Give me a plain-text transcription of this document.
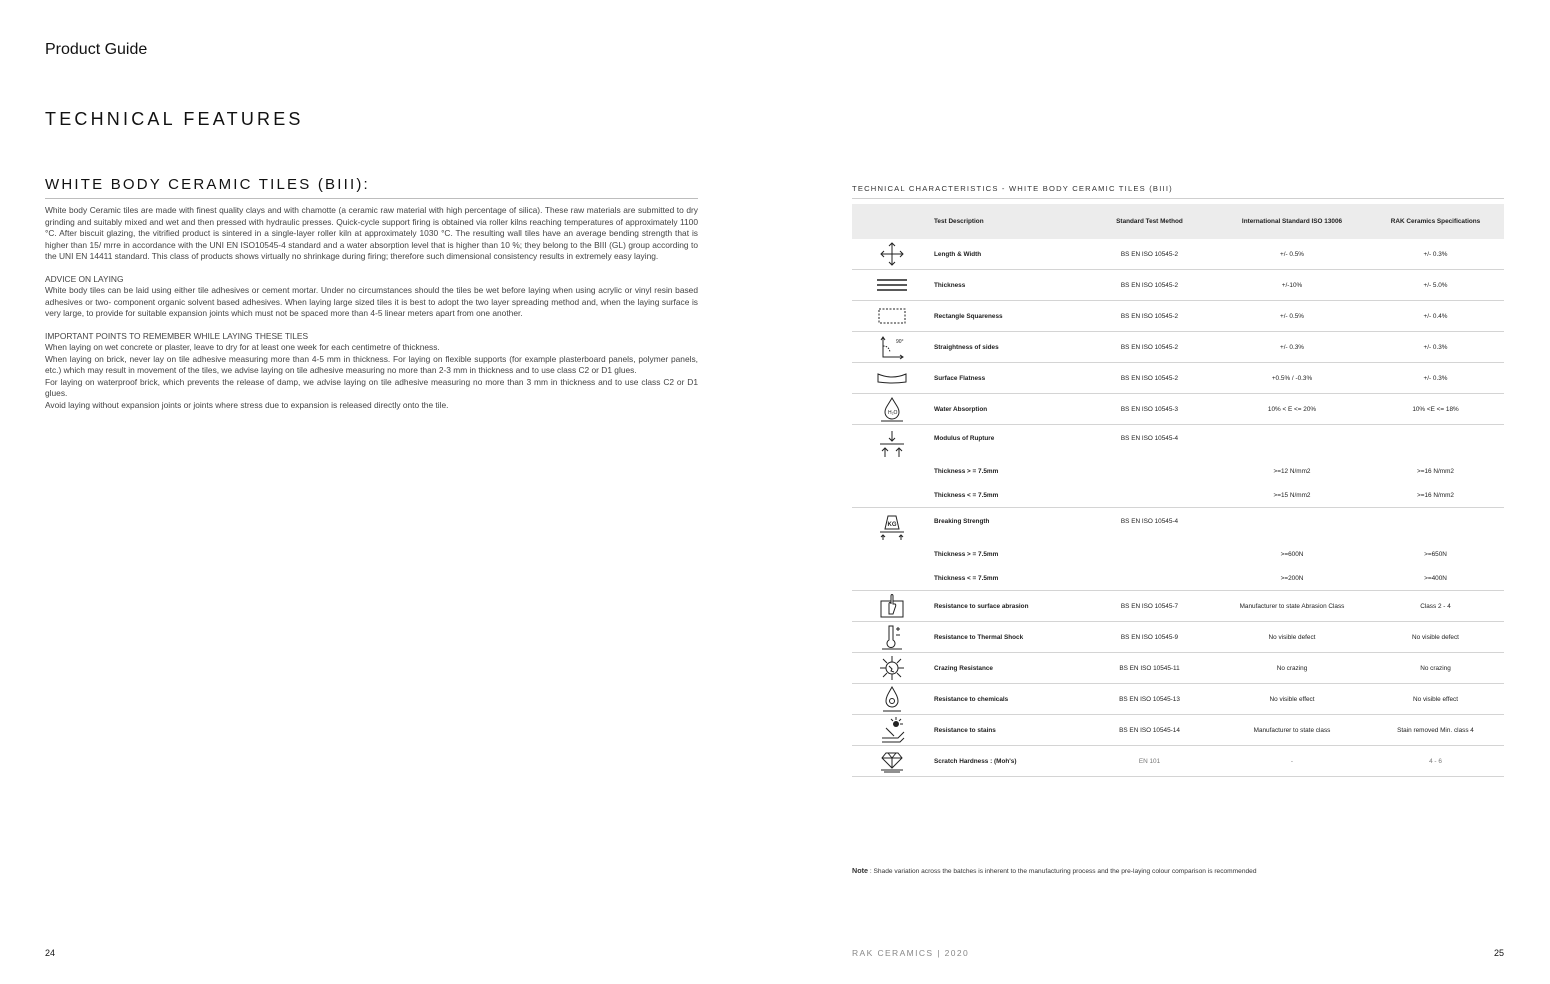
Product Guide
TECHNICAL FEATURES
WHITE BODY CERAMIC TILES (BIII):

White body Ceramic tiles are made with finest quality clays and with chamotte (a ceramic raw material with high percentage of silica). These raw materials are submitted to dry grinding and suitably mixed and wet and then pressed with hydraulic presses. Quick-cycle support firing is obtained via roller kilns reaching temperatures of approximately 1100 °C. After biscuit glazing, the vitrified product is sintered in a single-layer roller kiln at approximately 1030 °C. The resulting wall tiles have an average bending strength that is higher than 15/ mrre in accordance with the UNI EN ISO10545-4 standard and a water absorption level that is higher than 10 %; they belong to the BIII (GL) group according to the UNI EN 14411 standard. This class of products shows virtually no shrinkage during firing; therefore such dimensional consistency results in extremely easy laying.

ADVICE ON LAYING

White body tiles can be laid using either tile adhesives or cement mortar. Under no circumstances should the tiles be wet before laying when using acrylic or vinyl resin based adhesives or two- component organic solvent based adhesives. When laying large sized tiles it is best to adopt the two layer spreading method and, when the laying surface is very large, to provide for suitable expansion joints which must not be spaced more than 4-5 linear meters apart from one another.

IMPORTANT POINTS TO REMEMBER WHILE LAYING THESE TILES

When laying on wet concrete or plaster, leave to dry for at least one week for each centimetre of thickness.

When laying on brick, never lay on tile adhesive measuring more than 4-5 mm in thickness. For laying on flexible supports (for example plasterboard panels, polymer panels, etc.) which may result in movement of the tiles, we advise laying on tile adhesive measuring no more than 2-3 mm in thickness and to use class C2 or D1 glues.

For laying on waterproof brick, which prevents the release of damp, we advise laying on tile adhesive measuring no more than 3 mm in thickness and to use class C2 or D1 glues.

Avoid laying without expansion joints or joints where stress due to expansion is released directly onto the tile.

TECHNICAL CHARACTERISTICS - WHITE BODY CERAMIC TILES (BIII)
	Test Description	Standard Test Method	International Standard ISO 13006	RAK Ceramics Specifications

	Length & Width	BS EN ISO 10545-2	+/- 0.5%	+/- 0.3%

	Thickness	BS EN ISO 10545-2	+/-10%	+/- 5.0%

	Rectangle Squareness	BS EN ISO 10545-2	+/- 0.5%	+/- 0.4%

90°	Straightness of sides	BS EN ISO 10545-2	+/- 0.3%	+/- 0.3%

	Surface Flatness	BS EN ISO 10545-2	+0.5% / -0.3%	+/- 0.3%

H₂O	Water Absorption	BS EN ISO 10545-3	10% < E <= 20%	10% <E <= 18%

	Modulus of Rupture	BS EN ISO 10545-4		
	Thickness > = 7.5mm		>=12 N/mm2	>=16 N/mm2
	Thickness < = 7.5mm		>=15 N/mm2	>=16 N/mm2

KG	Breaking Strength	BS EN ISO 10545-4		
	Thickness > = 7.5mm		>=600N	>=650N
	Thickness < = 7.5mm		>=200N	>=400N

	Resistance to surface abrasion	BS EN ISO 10545-7	Manufacturer to state Abrasion Class	Class 2 - 4

	Resistance to Thermal Shock	BS EN ISO 10545-9	No visible defect	No visible defect

	Crazing Resistance	BS EN ISO 10545-11	No crazing	No crazing

	Resistance to chemicals	BS EN ISO 10545-13	No visible effect	No visible effect

	Resistance to stains	BS EN ISO 10545-14	Manufacturer to state class	Stain removed Min. class 4

	Scratch Hardness : (Moh's)	EN 101	-	4 - 6
Note : Shade variation across the batches is inherent to the manufacturing process and the pre-laying colour comparison is recommended
24	RAK CERAMICS | 2020	25
